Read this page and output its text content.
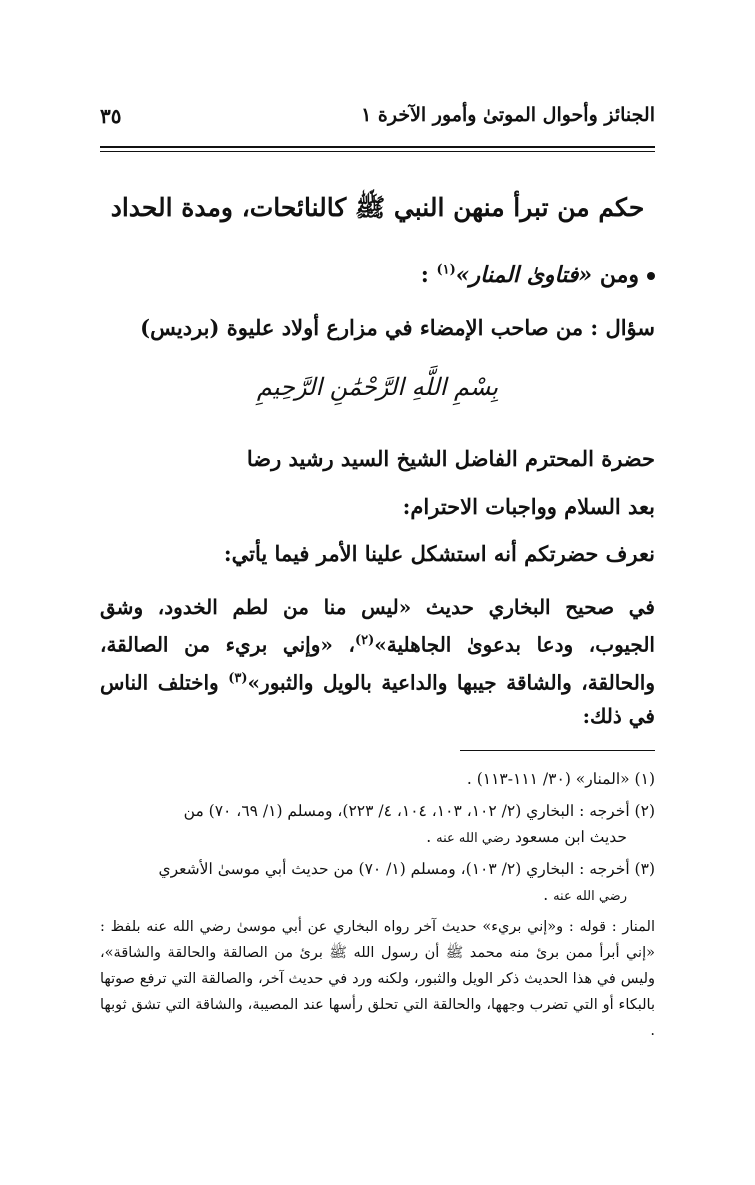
الجنائز وأحوال الموتىٰ وأمور الآخرة ١
٣٥
حكم من تبرأ منهن النبي ﷺ كالنائحات، ومدة الحداد
ومن «فتاوىٰ المنار»$^{(١)}$ :
سؤال : من صاحب الإمضاء في مزارع أولاد عليوة (برديس)
بِسْمِ اللَّهِ الرَّحْمَٰنِ الرَّحِيمِ
حضرة المحترم الفاضل الشيخ السيد رشيد رضا
بعد السلام وواجبات الاحترام:
نعرف حضرتكم أنه استشكل علينا الأمر فيما يأتي:
في صحيح البخاري حديث «ليس منا من لطم الخدود، وشق الجيوب، ودعا بدعوىٰ الجاهلية»$^{(٢)}$، «وإني بريء من الصالقة، والحالقة، والشاقة جيبها والداعية بالويل والثبور»$^{(٣)}$ واختلف الناس في ذلك:
(١) «المنار» (٣٠/ ١١١-١١٣) .
(٢) أخرجه : البخاري (٢/ ١٠٢، ١٠٣، ١٠٤، ٤/ ٢٢٣)، ومسلم (١/ ٦٩، ٧٠) من
حديث ابن مسعود رضي الله عنه .
(٣) أخرجه : البخاري (٢/ ١٠٣)، ومسلم (١/ ٧٠) من حديث أبي موسىٰ الأشعري
رضي الله عنه .
المنار : قوله : و«إني بريء» حديث آخر رواه البخاري عن أبي موسىٰ رضي الله عنه بلفظ : «إني أبرأ ممن برئ منه محمد ﷺ أن رسول الله ﷺ برئ من الصالقة والحالقة والشاقة»، وليس في هذا الحديث ذكر الويل والثبور، ولكنه ورد في حديث آخر، والصالقة التي ترفع صوتها بالبكاء أو التي تضرب وجهها، والحالقة التي تحلق رأسها عند المصيبة، والشاقة التي تشق ثوبها .
